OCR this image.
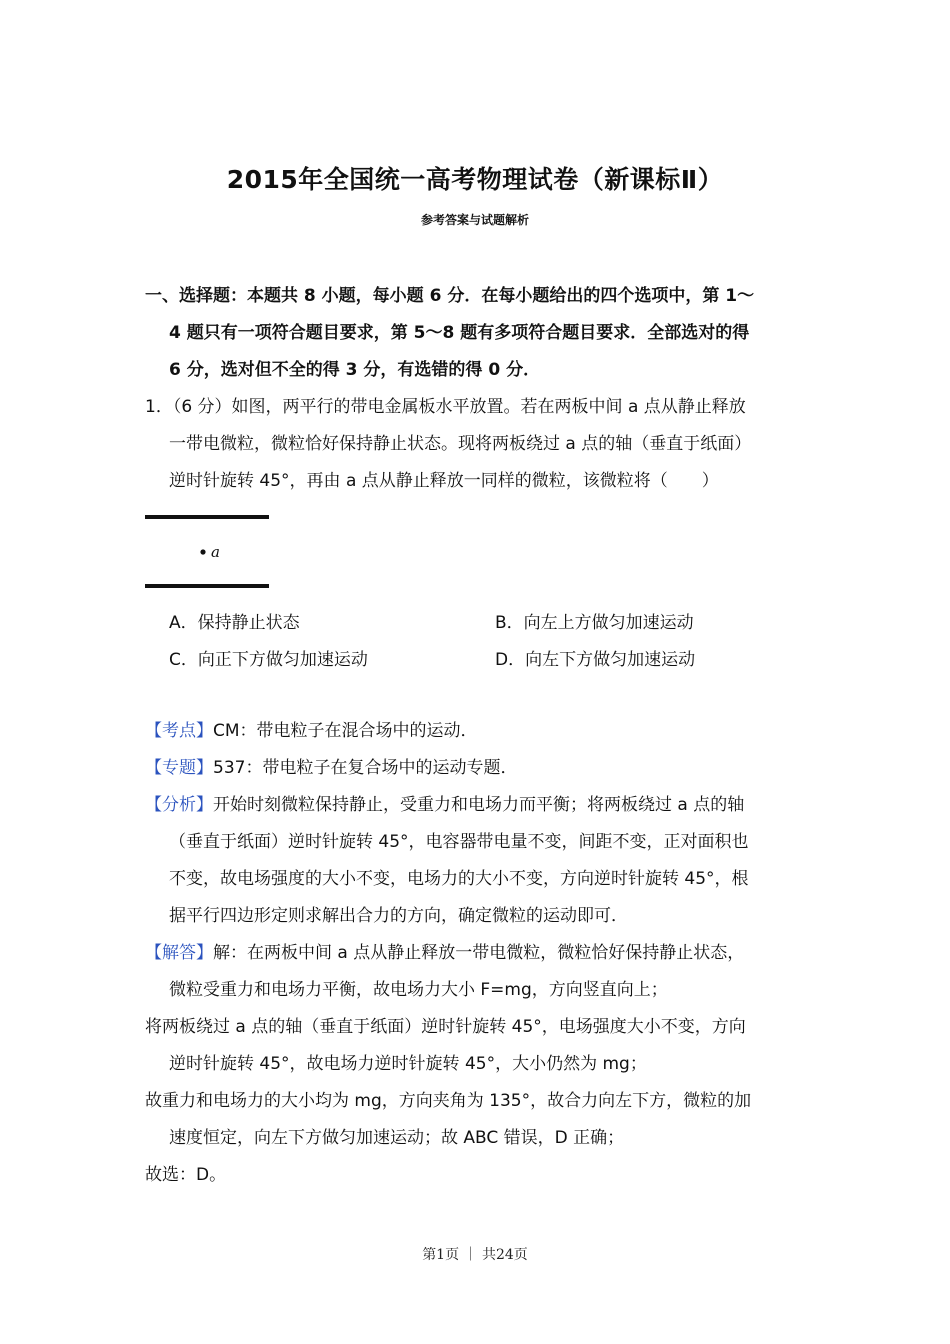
2015年全国统一高考物理试卷（新课标Ⅱ）
参考答案与试题解析
一、选择题：本题共 8 小题，每小题 6 分．在每小题给出的四个选项中，第 1～
4 题只有一项符合题目要求，第 5～8 题有多项符合题目要求．全部选对的得
6 分，选对但不全的得 3 分，有选错的得 0 分．
1．（6 分）如图，两平行的带电金属板水平放置。若在两板中间 a 点从静止释放
一带电微粒，微粒恰好保持静止状态。现将两板绕过 a 点的轴（垂直于纸面）
逆时针旋转 45°，再由 a 点从静止释放一同样的微粒，该微粒将（　　）
a
A．保持静止状态	B．向左上方做匀加速运动
C．向正下方做匀加速运动	D．向左下方做匀加速运动
【考点】CM：带电粒子在混合场中的运动．
【专题】537：带电粒子在复合场中的运动专题．
【分析】开始时刻微粒保持静止，受重力和电场力而平衡；将两板绕过 a 点的轴
（垂直于纸面）逆时针旋转 45°，电容器带电量不变，间距不变，正对面积也
不变，故电场强度的大小不变，电场力的大小不变，方向逆时针旋转 45°，根
据平行四边形定则求解出合力的方向，确定微粒的运动即可．
【解答】解：在两板中间 a 点从静止释放一带电微粒，微粒恰好保持静止状态，
微粒受重力和电场力平衡，故电场力大小 F=mg，方向竖直向上；
将两板绕过 a 点的轴（垂直于纸面）逆时针旋转 45°，电场强度大小不变，方向
逆时针旋转 45°，故电场力逆时针旋转 45°，大小仍然为 mg；
故重力和电场力的大小均为 mg，方向夹角为 135°，故合力向左下方，微粒的加
速度恒定，向左下方做匀加速运动；故 ABC 错误，D 正确；
故选：D。
第1页 ｜ 共24页
